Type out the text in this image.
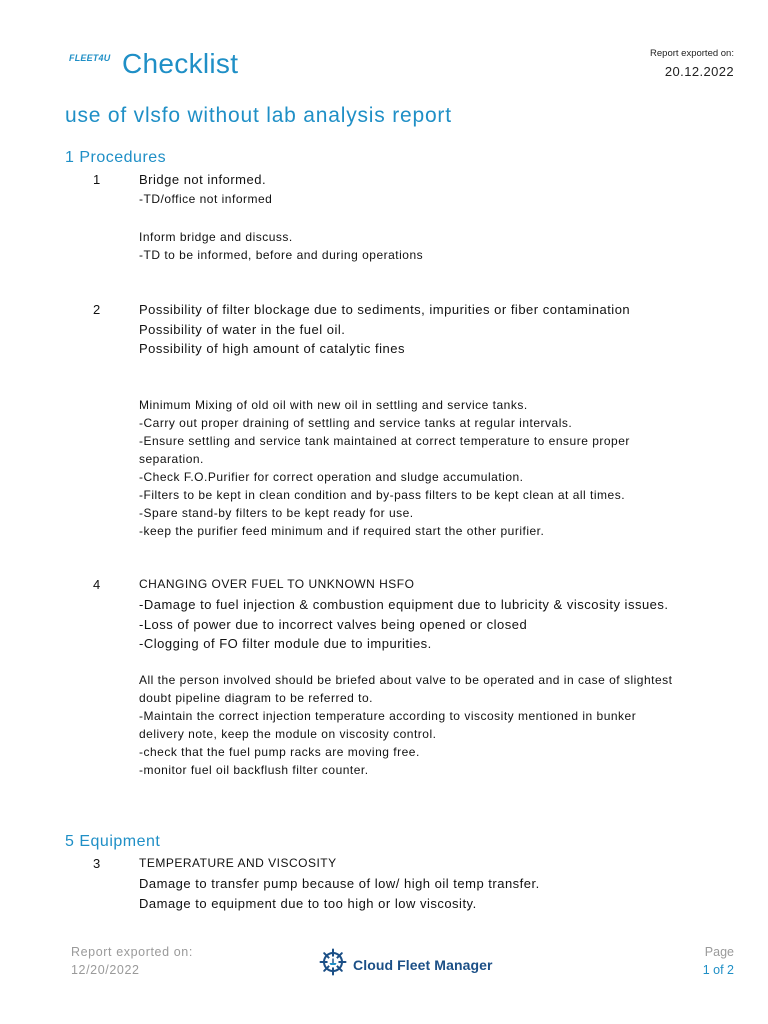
FLEET4U Checklist	Report exported on:
20.12.2022
use of vlsfo without lab analysis report
1 Procedures
1	Bridge not informed.
-TD/office not informed
Inform bridge and discuss.
-TD to be informed, before and during operations
2	Possibility of filter blockage due to sediments, impurities or fiber contamination
Possibility of water in the fuel oil.
Possibility of high amount of catalytic fines
Minimum Mixing of old oil with new oil in settling and service tanks.
-Carry out proper draining of settling and service tanks at regular intervals.
-Ensure settling and service tank maintained at correct temperature to ensure proper
separation.
-Check F.O.Purifier for correct operation and sludge accumulation.
-Filters to be kept in clean condition and by-pass filters to be kept clean at all times.
-Spare stand-by filters to be kept ready for use.
-keep the purifier feed minimum and if required start the other purifier.
4	CHANGING OVER FUEL TO UNKNOWN HSFO
-Damage to fuel injection & combustion equipment due to lubricity & viscosity issues.
-Loss of power due to incorrect valves being opened or closed
-Clogging of FO filter module due to impurities.
All the person involved should be briefed about valve to be operated and in case of slightest
doubt pipeline diagram to be referred to.
-Maintain the correct injection temperature according to viscosity mentioned in bunker
delivery note, keep the module on viscosity control.
-check that the fuel pump racks are moving free.
-monitor fuel oil backflush filter counter.
5 Equipment
3	TEMPERATURE AND VISCOSITY
Damage to transfer pump because of low/ high oil temp transfer.
Damage to equipment due to too high or low viscosity.
Report exported on:
12/20/2022	Cloud Fleet Manager
Page
1 of 2
